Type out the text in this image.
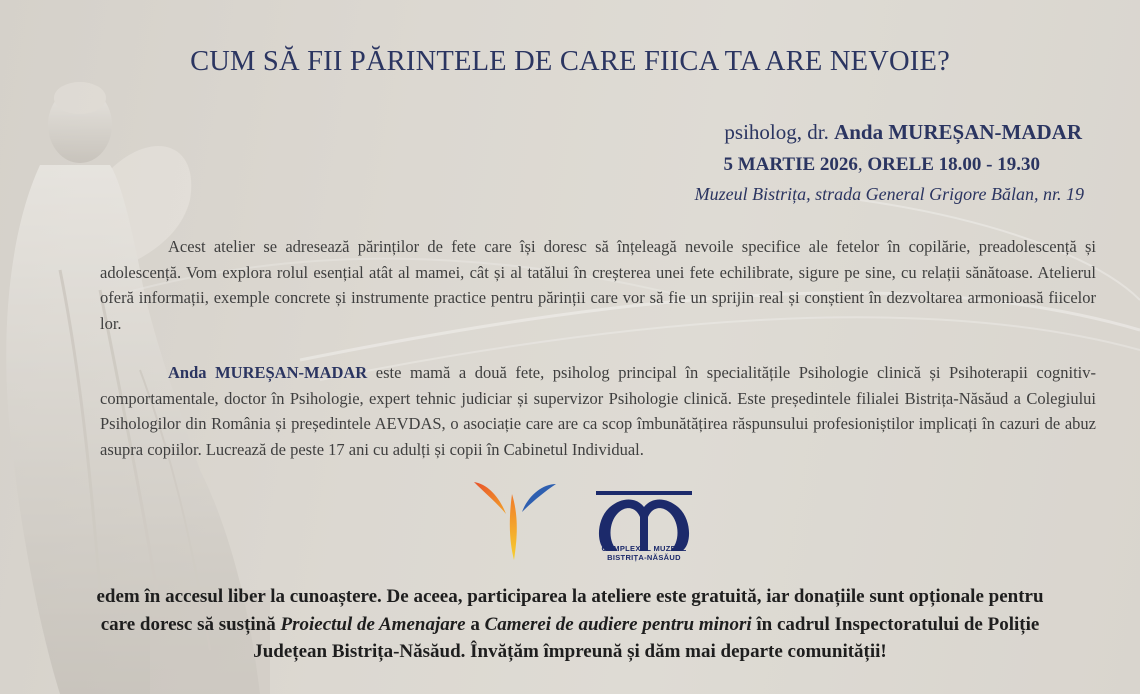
CUM SĂ FII PĂRINTELE DE CARE FIICA TA ARE NEVOIE?
psiholog, dr. Anda MUREȘAN-MADAR
5 MARTIE 2026, ORELE 18.00 - 19.30
Muzeul Bistrița, strada General Grigore Bălan, nr. 19

Acest atelier se adresează părinților de fete care își doresc să înțeleagă nevoile specifice ale fetelor în copilărie, preadolescență și adolescență. Vom explora rolul esențial atât al mamei, cât și al tatălui în creșterea unei fete echilibrate, sigure pe sine, cu relații sănătoase. Atelierul oferă informații, exemple concrete și instrumente practice pentru părinții care vor să fie un sprijin real și conștient în dezvoltarea armonioasă fiicelor lor.

Anda MUREȘAN-MADAR este mamă a două fete, psiholog principal în specialitățile Psihologie clinică și Psihoterapii cognitiv-comportamentale, doctor în Psihologie, expert tehnic judiciar și supervizor Psihologie clinică. Este președintele filialei Bistrița-Năsăud a Colegiului Psihologilor din România și președintele AEVDAS, o asociație care are ca scop îmbunătățirea răspunsului profesioniștilor implicați în cazuri de abuz asupra copiilor. Lucrează de peste 17 ani cu adulți și copii în Cabinetul Individual.

COMPLEXUL MUZEAL
BISTRIȚA-NĂSĂUD

edem în accesul liber la cunoaștere. De aceea, participarea la ateliere este gratuită, iar donațiile sunt opționale pentru
care doresc să susțină Proiectul de Amenajare a Camerei de audiere pentru minori în cadrul Inspectoratului de Poliție
Județean Bistrița-Năsăud. Învățăm împreună și dăm mai departe comunității!
